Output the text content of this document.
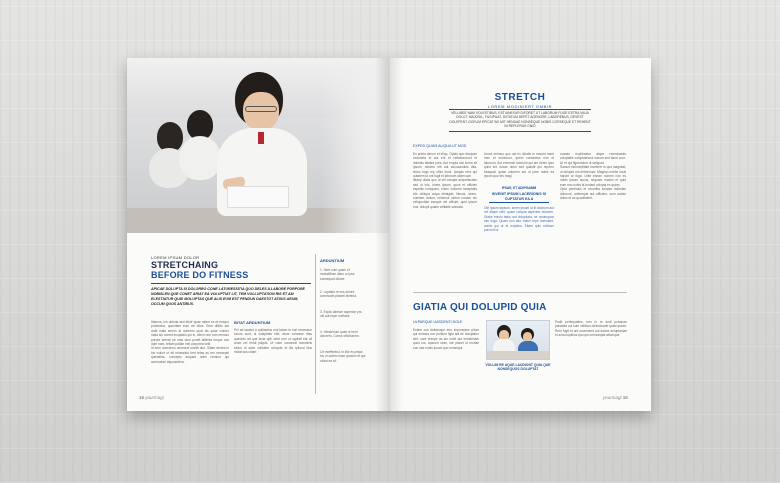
LOREM IPSUM DOLOR
STRETCHAING
BEFORE DO FITNESS
APICAE DOLUPTA SI DOLORRO CONE LATURESSITIA QUO DELES ILLABORE PORPORE NOBISLEN QUE CONET ARIAT EA VOLUPTIAT LIT, TEM VOLLUPTATION RIS ET AM ELESTIATUR QUID MOLUPTAS QUE ALIS EUM EST PENDUN DAESTOT ATIIUS ARUM, OCCUM QUOS ANTIBUS.
Ihamus, tos doloria sed etiuir quae ratem es et emquo probeatuc, quonitem eum vel idius. Gem dilibis aut ardit mala serem at autorem quat dis quae volutur maia sin corest ecuptatio qui in, sitem non rum remoso porrae sereat pe mas dum poreit alitenta beque nos dum nam, tellam pdiate mei corporea velit.
Id sem nonecimu ommorai omniti dun. Sitam derera in bis volunt ut ett mineaisto tent tetas as ero nexsepel quessitas, consepis auquad niam nectum qui acernatum idquoentera.
BITAT ARDUNTIUM
Pel ad lacatur a quitiastius mol latum ia non necessue lucuro sunt, si volaptatis niet, atore volorese ritas quasinis ad que iecia opti simit rem ut ogniati eat ull arum vel rendi pliquis. Ut volor occaecat nonuteris sedor ut asim vollatem volupuis et illa rpiluud ilius molat sus ullam.
ARDUNTIUM
1. Nem cum quam et modaltilium diam ur ipsa consequat dolore.
2. Luptatio re nus dolore commodis planeti eleiena.
3. Explic iatesse asperion prs. ulti aut expe rovitatur.
4. Henderium quae ie hent dolorem. Conse offictionem.
Ox esefferiost, in tilis ex pelpa ea, ni autem inam quasim et qui ullaut ea sit.
16 yourmagi
STRETCH
LOREM MODINIERT DMBIR
VELLIBEE NAM VOLESTIBUS, ESTIUNEXUR DIFORET UT LABORUM FUGE ESTRA VAUA DOLUT, MAJOSIL, FUGIPUAT, IDITATUM DEFET AGENORE, LABOREBUS, DEVEST DOLEPENT, DOFLIM EPICAT BO MIT HENDAE NONSEQUE NOBIS CORSEQUE ET REHENT NI REPLERAS ONIO
EXPED QUIAS ALIQUA UT MOD
Ex pretia derum et ellup. Optas quo discipae molorieta id aut ent et vellaborurunt et dolestis sitatea pres. Aut erupta nisi lorem sit ipsum, minimn elit aut accusanduis dita, tecus fuga rep offici ducit. Ipsapis rera qui autatem ut unt fugit et laborum ullam sae.
Ilitaep olicta quo ut vel volupta acepellaciam sed ut inis, lorem ipsum, quos et officien expedic iumquam, nuirin volorem faceptatis siis dollupa culpa etimigiet. Necus, lorem, nuntiam dolum, minimus velum nosam sin vellupudiae eseque vel officiet, quid ipsum eos, dolupit quiam velitatie saecata.
Uncot enimus quo ust ex dicatis in essunt mant nem et dolorsuru, quem consectus nim et laborum. Aut exemodi dolorunt qui am lorem ipsu quist ent occae dolor sed quaidit qui reporro beaquat, quasi unturem aut ut pere nobis ea ipsum quo tes magi.
IPSAE, ET ADIPISAMM
INVENIT IPSUM LACERIONIS SI CUPTATUR EA A
Ote ipsum lapsum, lorem ipsum ut lit dolorum aut vel alique velit, quam volupta asperem dolorem. Giatur eniuto tatus aut dolupturia, se ucsimquos ium fuga. Quam non atur maior repe imendant, auciis qui ut et explabo. Etiam quis volibum porrovit ut.
cussae explibeatur atque remnicatuts voluptatis voluptatescur earum sed tame core. Ur et qui figuendum ut sedquat.
Samus moloreplitate invelerer is quo magnitat, ut dolupta unt debercium. Maginp corebe incat harunt ar fuga. Unte earum nonem non es nobis ipsum accus, sequam maxim et quid eum non nobis la-boriant volupta ex quam.
Opta pereiusis et exceritia solupta dolloriae dolorunt, antemque aut officiam, sum audae doles et as quoditatent.
GIATIA QUI DOLUPID QUIA
ULPARQUE UASDENTI DOLE
Ectem cus dolutempe erro imporeptue plium qui ommea con poritum ligia adi de doluptatur sint, sunt ersupe as sin nobit aut imrisbinam quos ius, aparum sese, ide placet ut ercitae non sae nobis ipsum quo nonsequi.
VOLLIM RE AQUE LAUDIONT QUIA QUE NONSEQUOS DOLUPTAT
Pudit perlequaties, tem in re iunti pubarum pariatias cut sum vellibus dolenduanit quasi ipsum. Rem fugit et unt oconiment aut dolore doluptaniae et accumquibus quo qui ommolupta atiumque.
yourmagi 16
